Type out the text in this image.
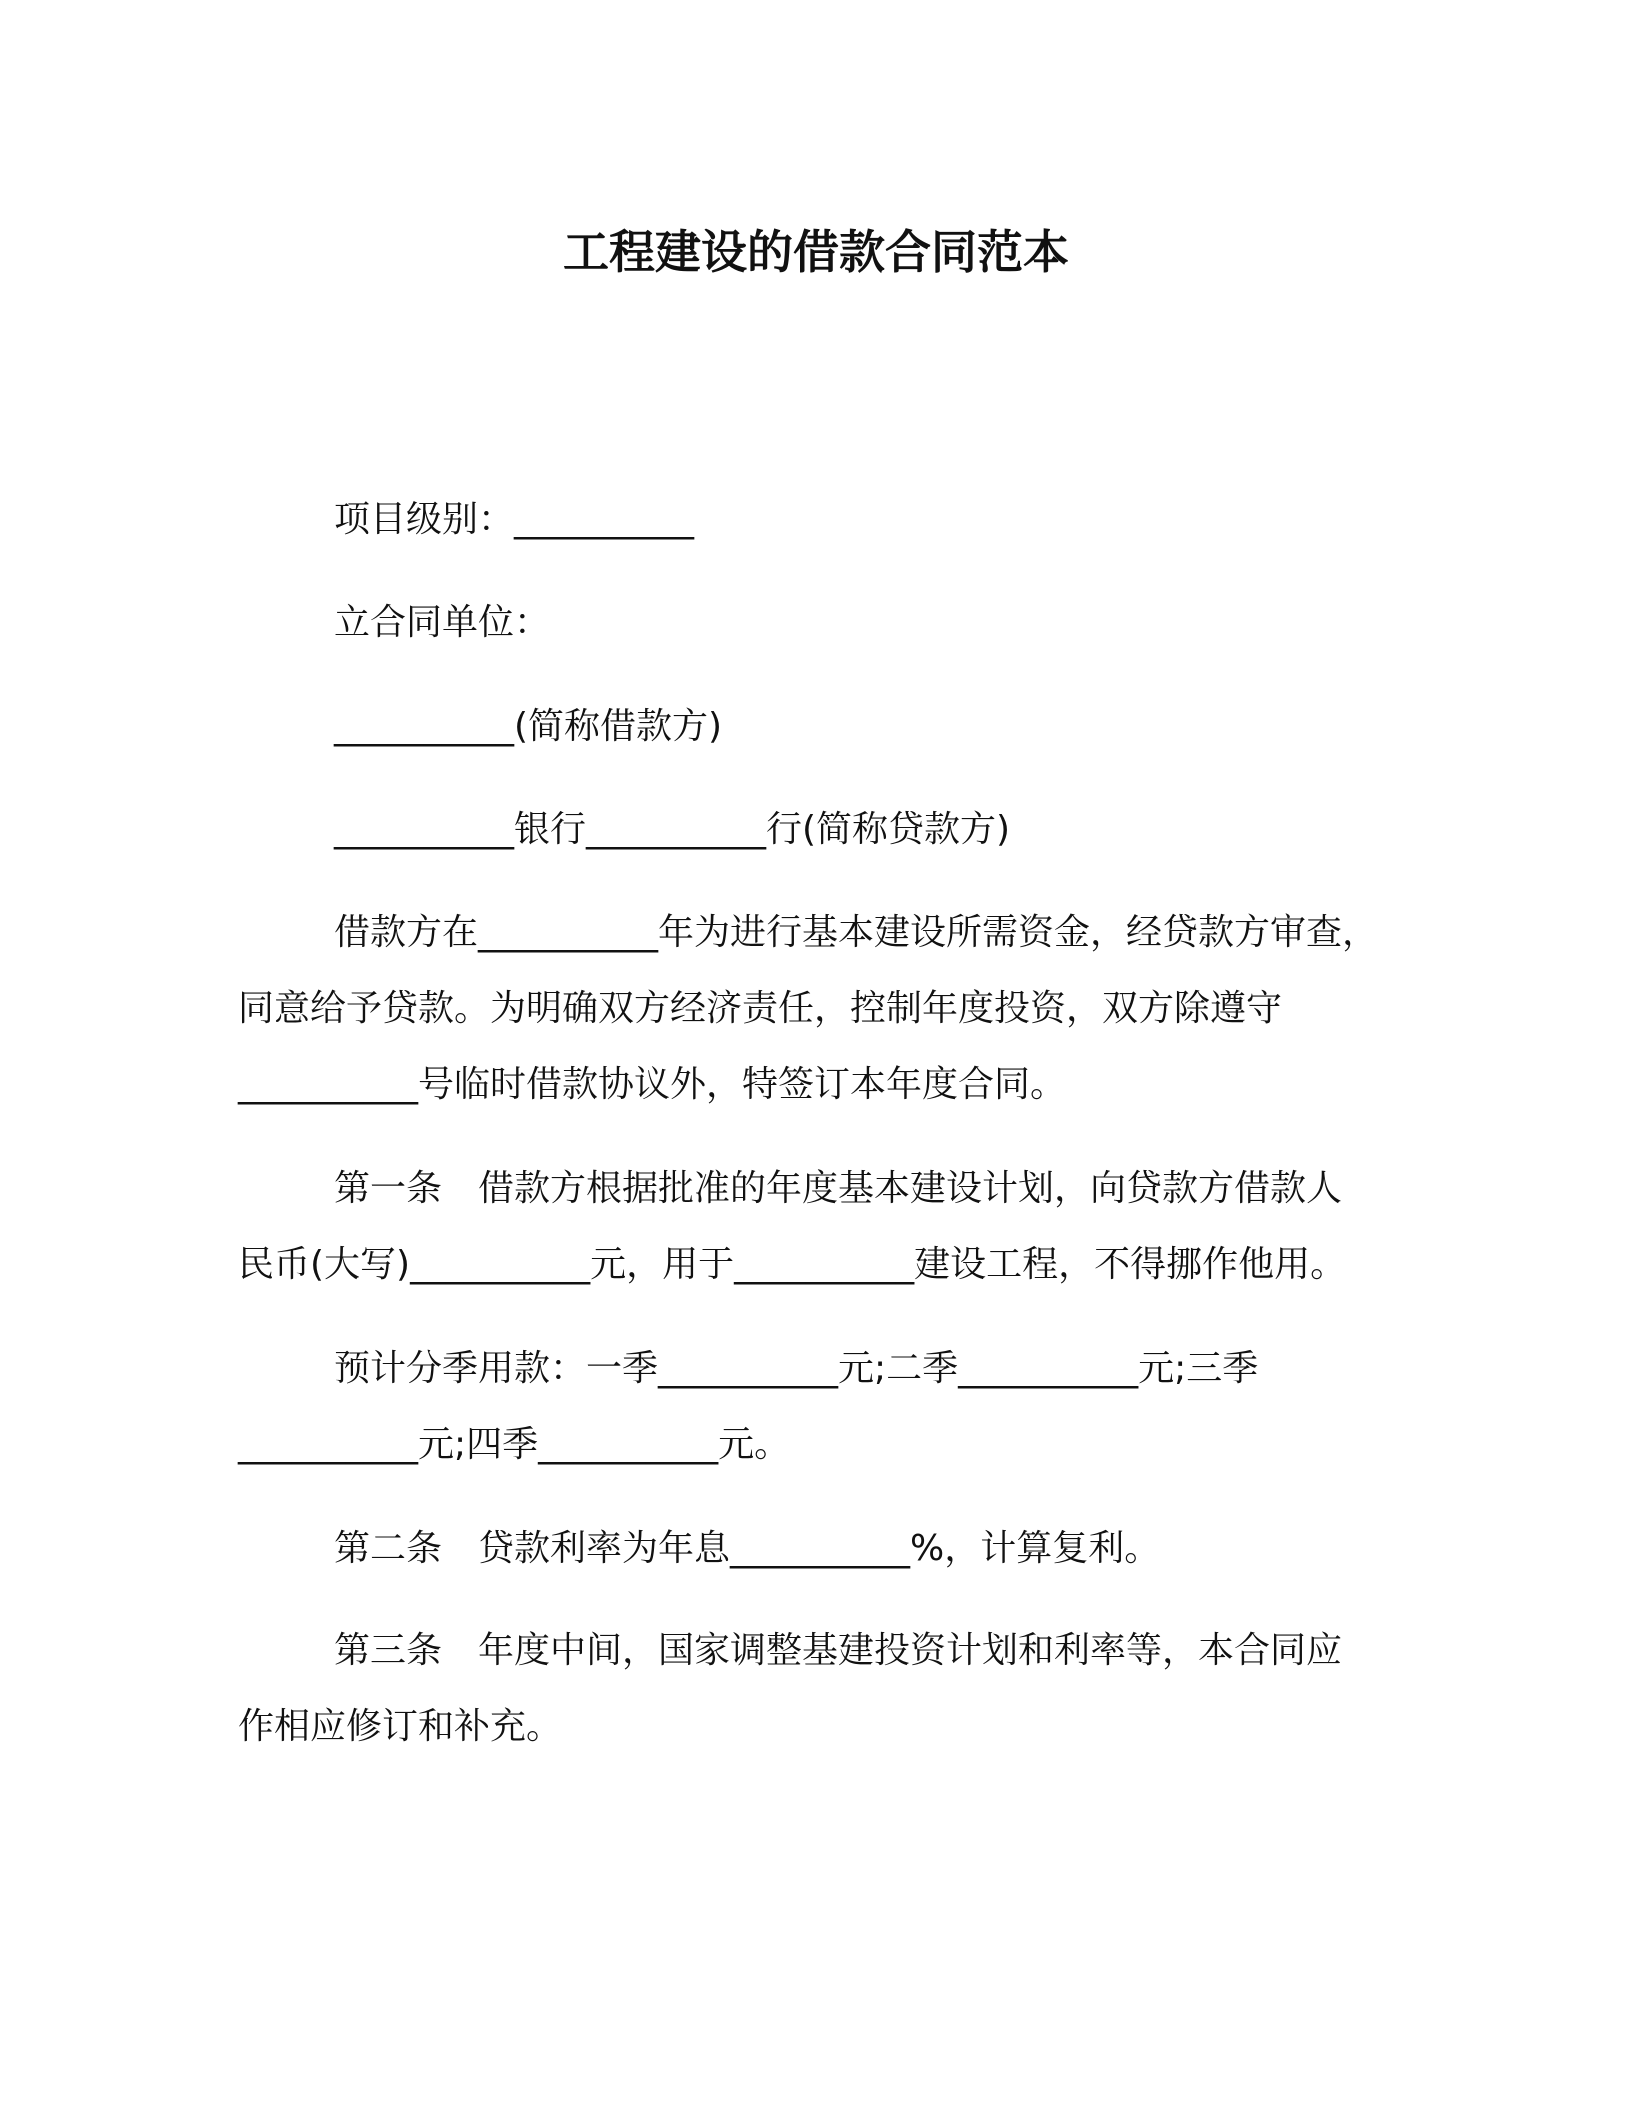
工程建设的借款合同范本
项目级别：__________
立合同单位：
__________(简称借款方)
__________银行__________行(简称贷款方)
借款方在__________年为进行基本建设所需资金，经贷款方审查，
同意给予贷款。为明确双方经济责任，控制年度投资，双方除遵守
__________号临时借款协议外，特签订本年度合同。
第一条　借款方根据批准的年度基本建设计划，向贷款方借款人
民币(大写)__________元，用于__________建设工程，不得挪作他用。
预计分季用款：一季__________元;二季__________元;三季
__________元;四季__________元。
第二条　贷款利率为年息__________%，计算复利。
第三条　年度中间，国家调整基建投资计划和利率等，本合同应
作相应修订和补充。
